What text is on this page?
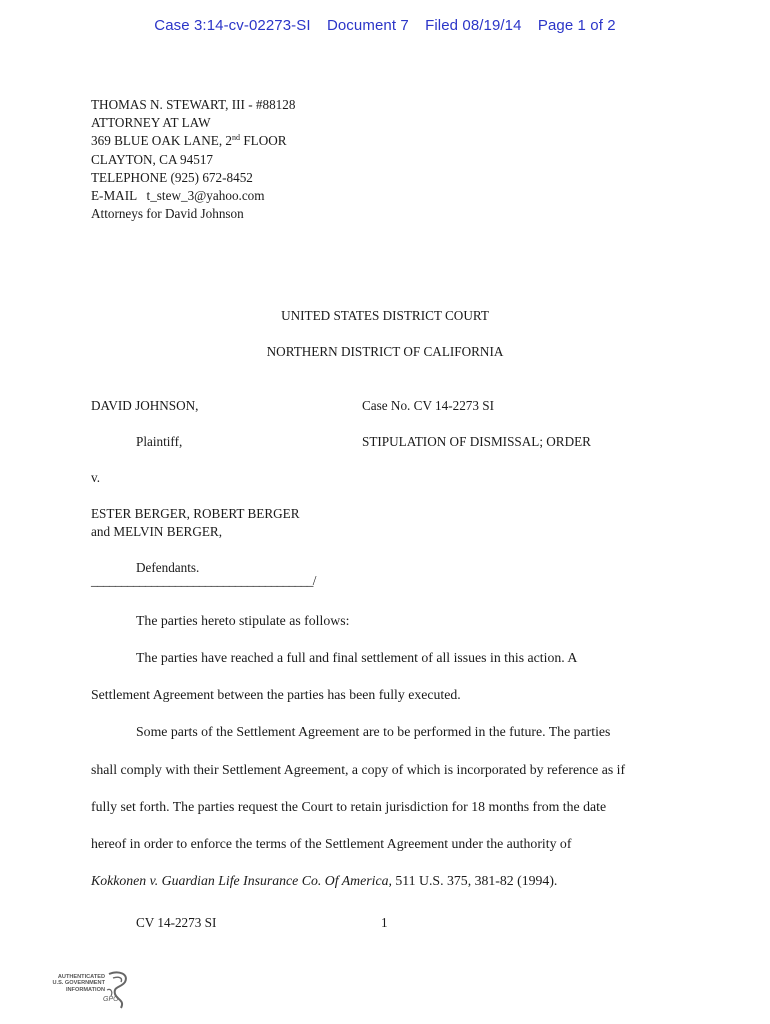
Case 3:14-cv-02273-SI Document 7 Filed 08/19/14 Page 1 of 2
THOMAS N. STEWART, III - #88128
ATTORNEY AT LAW
369 BLUE OAK LANE, 2nd FLOOR
CLAYTON, CA 94517
TELEPHONE (925) 672-8452
E-MAIL   t_stew_3@yahoo.com
Attorneys for David Johnson
UNITED STATES DISTRICT COURT
NORTHERN DISTRICT OF CALIFORNIA
DAVID JOHNSON,	Case No. CV 14-2273 SI
Plaintiff,	STIPULATION OF DISMISSAL; ORDER
v.
ESTER BERGER, ROBERT BERGER
and MELVIN BERGER,
Defendants.
_____________________________________/
The parties hereto stipulate as follows:
The parties have reached a full and final settlement of all issues in this action. A
Settlement Agreement between the parties has been fully executed.
Some parts of the Settlement Agreement are to be performed in the future. The parties
shall comply with their Settlement Agreement, a copy of which is incorporated by reference as if
fully set forth. The parties request the Court to retain jurisdiction for 18 months from the date
hereof in order to enforce the terms of the Settlement Agreement under the authority of
Kokkonen v. Guardian Life Insurance Co. Of America, 511 U.S. 375, 381-82 (1994).
CV 14-2273 SI	1
AUTHENTICATED
U.S. GOVERNMENT
INFORMATION
GPO
